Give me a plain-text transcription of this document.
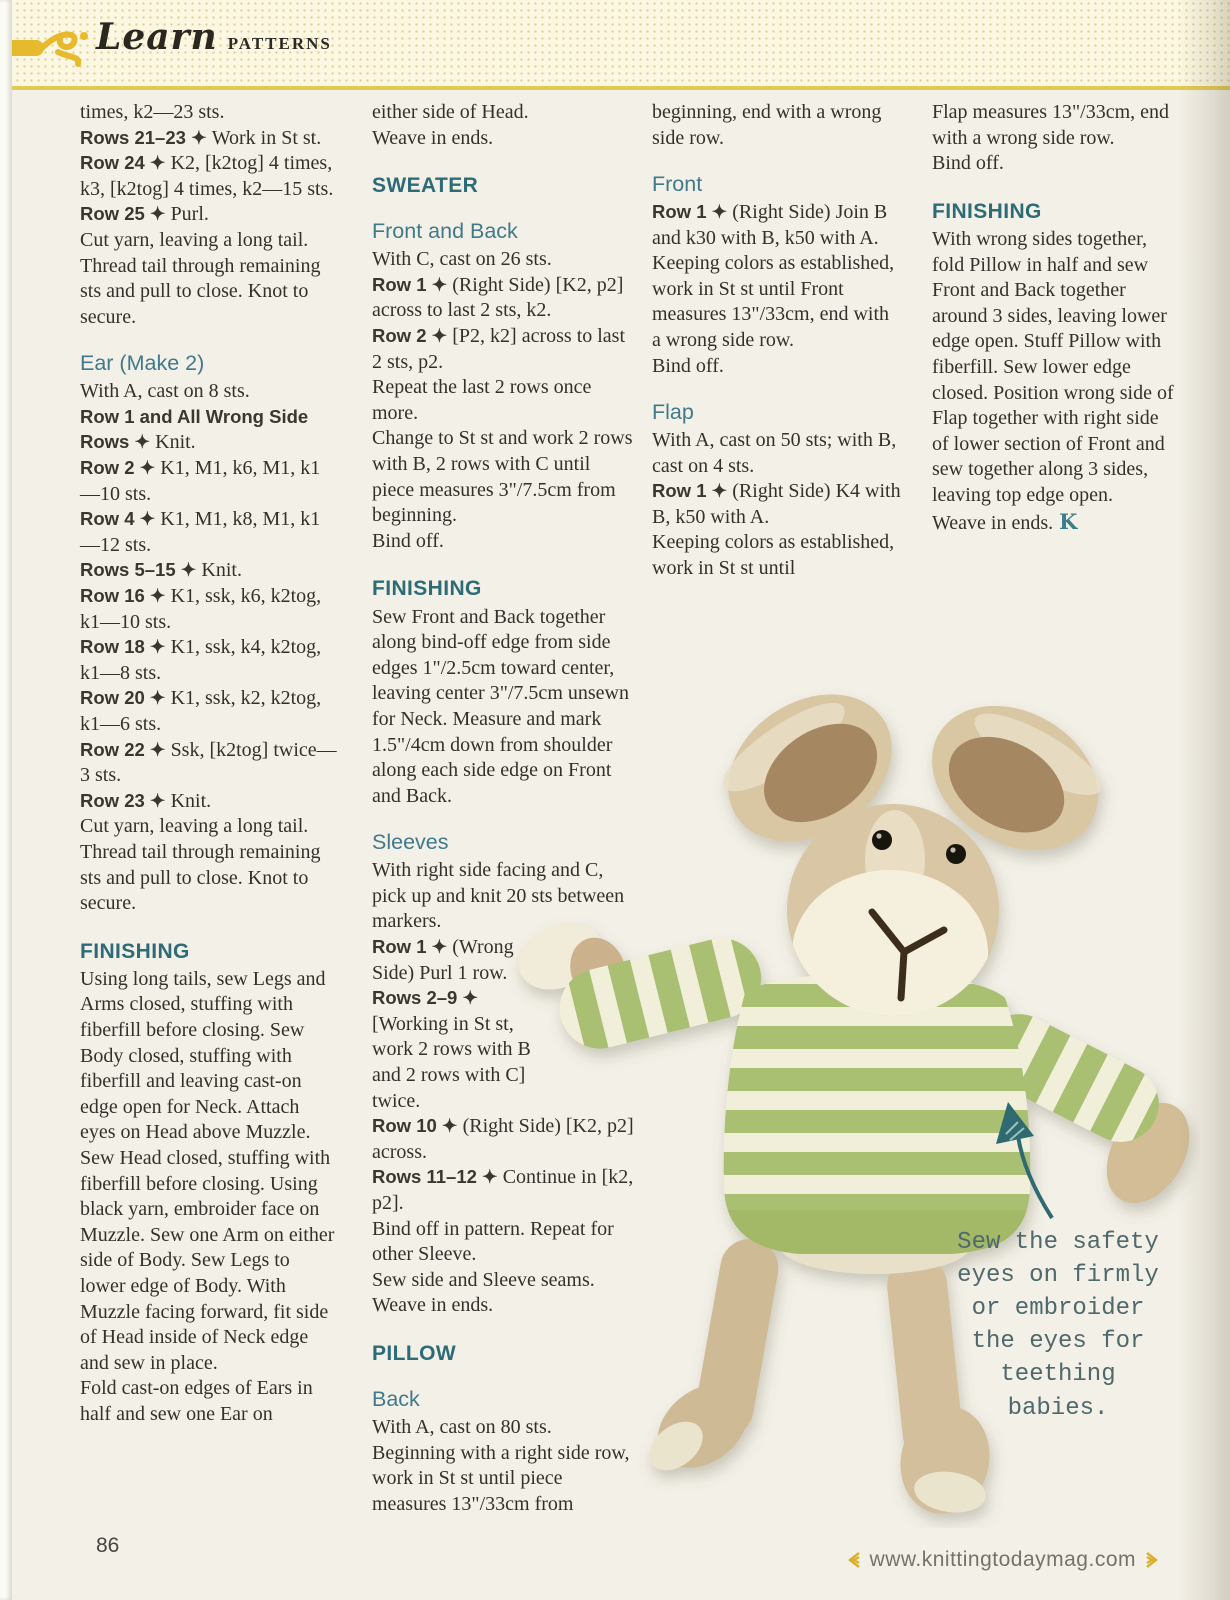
Learn PATTERNS
times, k2—23 sts.
Rows 21–23 ✦ Work in St st.
Row 24 ✦ K2, [k2tog] 4 times, k3, [k2tog] 4 times, k2—15 sts.
Row 25 ✦ Purl.
Cut yarn, leaving a long tail. Thread tail through remaining sts and pull to close. Knot to secure.
Ear (Make 2)
With A, cast on 8 sts.
Row 1 and All Wrong Side Rows ✦ Knit.
Row 2 ✦ K1, M1, k6, M1, k1—10 sts.
Row 4 ✦ K1, M1, k8, M1, k1—12 sts.
Rows 5–15 ✦ Knit.
Row 16 ✦ K1, ssk, k6, k2tog, k1—10 sts.
Row 18 ✦ K1, ssk, k4, k2tog, k1—8 sts.
Row 20 ✦ K1, ssk, k2, k2tog, k1—6 sts.
Row 22 ✦ Ssk, [k2tog] twice—3 sts.
Row 23 ✦ Knit.
Cut yarn, leaving a long tail. Thread tail through remaining sts and pull to close. Knot to secure.
FINISHING
Using long tails, sew Legs and Arms closed, stuffing with fiberfill before closing. Sew Body closed, stuffing with fiberfill and leaving cast-on edge open for Neck. Attach eyes on Head above Muzzle. Sew Head closed, stuffing with fiberfill before closing. Using black yarn, embroider face on Muzzle. Sew one Arm on either side of Body. Sew Legs to lower edge of Body. With Muzzle facing forward, fit side of Head inside of Neck edge and sew in place.
Fold cast-on edges of Ears in half and sew one Ear on
either side of Head.
Weave in ends.
SWEATER
Front and Back
With C, cast on 26 sts.
Row 1 ✦ (Right Side) [K2, p2] across to last 2 sts, k2.
Row 2 ✦ [P2, k2] across to last 2 sts, p2.
Repeat the last 2 rows once more.
Change to St st and work 2 rows with B, 2 rows with C until piece measures 3"/7.5cm from beginning.
Bind off.
FINISHING
Sew Front and Back together along bind-off edge from side edges 1"/2.5cm toward center, leaving center 3"/7.5cm unsewn for Neck. Measure and mark 1.5"/4cm down from shoulder along each side edge on Front and Back.
Sleeves
With right side facing and C, pick up and knit 20 sts between markers.
Row 1 ✦ (Wrong Side) Purl 1 row.
Rows 2–9 ✦ [Working in St st, work 2 rows with B and 2 rows with C] twice.
Row 10 ✦ (Right Side) [K2, p2] across.
Rows 11–12 ✦ Continue in [k2, p2].
Bind off in pattern. Repeat for other Sleeve.
Sew side and Sleeve seams.
Weave in ends.
PILLOW
Back
With A, cast on 80 sts.
Beginning with a right side row, work in St st until piece measures 13"/33cm from
beginning, end with a wrong side row.
Front
Row 1 ✦ (Right Side) Join B and k30 with B, k50 with A.
Keeping colors as established, work in St st until Front measures 13"/33cm, end with a wrong side row.
Bind off.
Flap
With A, cast on 50 sts; with B, cast on 4 sts.
Row 1 ✦ (Right Side) K4 with B, k50 with A.
Keeping colors as established, work in St st until
Flap measures 13"/33cm, end with a wrong side row.
Bind off.
FINISHING
With wrong sides together, fold Pillow in half and sew Front and Back together around 3 sides, leaving lower edge open. Stuff Pillow with fiberfill. Sew lower edge closed. Position wrong side of Flap together with right side of lower section of Front and sew together along 3 sides, leaving top edge open.
Weave in ends. K
Sew the safety
eyes on firmly
or embroider
the eyes for
teething
babies.
86
www.knittingtodaymag.com
